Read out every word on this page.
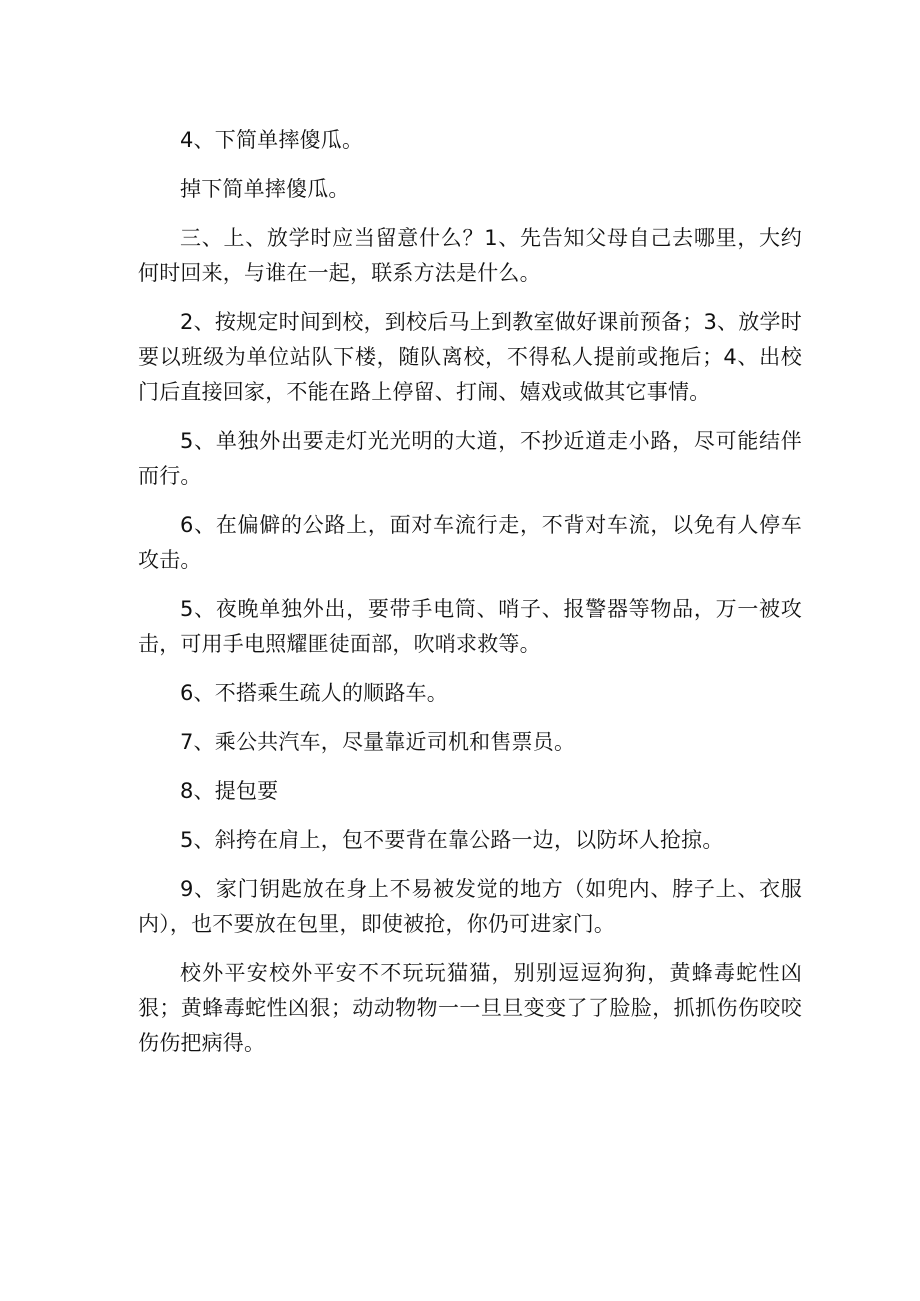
4、下简单摔傻瓜。

掉下简单摔傻瓜。

三、上、放学时应当留意什么？1、先告知父母自己去哪里，大约何时回来，与谁在一起，联系方法是什么。

2、按规定时间到校，到校后马上到教室做好课前预备；3、放学时要以班级为单位站队下楼，随队离校，不得私人提前或拖后；4、出校门后直接回家，不能在路上停留、打闹、嬉戏或做其它事情。

5、单独外出要走灯光光明的大道，不抄近道走小路，尽可能结伴而行。

6、在偏僻的公路上，面对车流行走，不背对车流，以免有人停车攻击。

5、夜晚单独外出，要带手电筒、哨子、报警器等物品，万一被攻击，可用手电照耀匪徒面部，吹哨求救等。

6、不搭乘生疏人的顺路车。

7、乘公共汽车，尽量靠近司机和售票员。

8、提包要

5、斜挎在肩上，包不要背在靠公路一边，以防坏人抢掠。

9、家门钥匙放在身上不易被发觉的地方（如兜内、脖子上、衣服内），也不要放在包里，即使被抢，你仍可进家门。

校外平安校外平安不不玩玩猫猫，别别逗逗狗狗，黄蜂毒蛇性凶狠；黄蜂毒蛇性凶狠；动动物物一一旦旦变变了了脸脸，抓抓伤伤咬咬伤伤把病得。
